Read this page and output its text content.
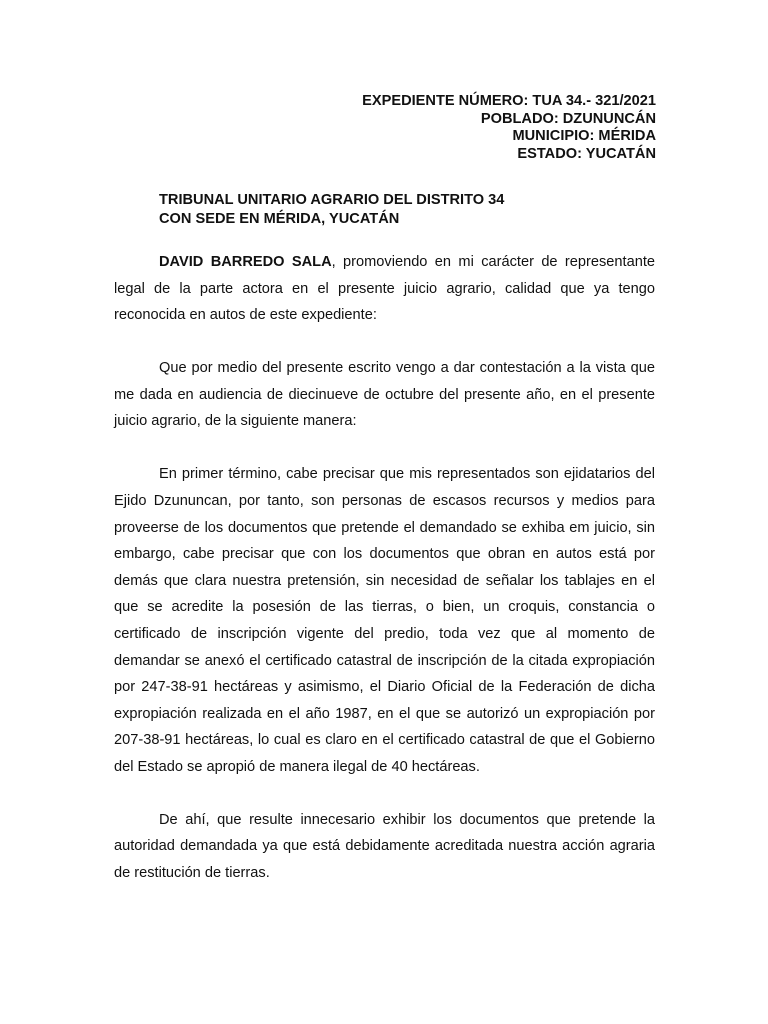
EXPEDIENTE NÚMERO: TUA 34.- 321/2021
POBLADO: DZUNUNCÁN
MUNICIPIO: MÉRIDA
ESTADO: YUCATÁN
TRIBUNAL UNITARIO AGRARIO DEL DISTRITO 34
CON SEDE EN MÉRIDA, YUCATÁN

DAVID BARREDO SALA, promoviendo en mi carácter de representante legal de la parte actora en el presente juicio agrario, calidad que ya tengo reconocida en autos de este expediente:

Que por medio del presente escrito vengo a dar contestación a la vista que me dada en audiencia de diecinueve de octubre del presente año, en el presente juicio agrario, de la siguiente manera:

En primer término, cabe precisar que mis representados son ejidatarios del Ejido Dzununcan, por tanto, son personas de escasos recursos y medios para proveerse de los documentos que pretende el demandado se exhiba em juicio, sin embargo, cabe precisar que con los documentos que obran en autos está por demás que clara nuestra pretensión, sin necesidad de señalar los tablajes en el que se acredite la posesión de las tierras, o bien, un croquis, constancia o certificado de inscripción vigente del predio, toda vez que al momento de demandar se anexó el certificado catastral de inscripción de la citada expropiación por 247-38-91 hectáreas y asimismo, el Diario Oficial de la Federación de dicha expropiación realizada en el año 1987, en el que se autorizó un expropiación por 207-38-91 hectáreas, lo cual es claro en el certificado catastral de que el Gobierno del Estado se apropió de manera ilegal de 40 hectáreas.

De ahí, que resulte innecesario exhibir los documentos que pretende la autoridad demandada ya que está debidamente acreditada nuestra acción agraria de restitución de tierras.
